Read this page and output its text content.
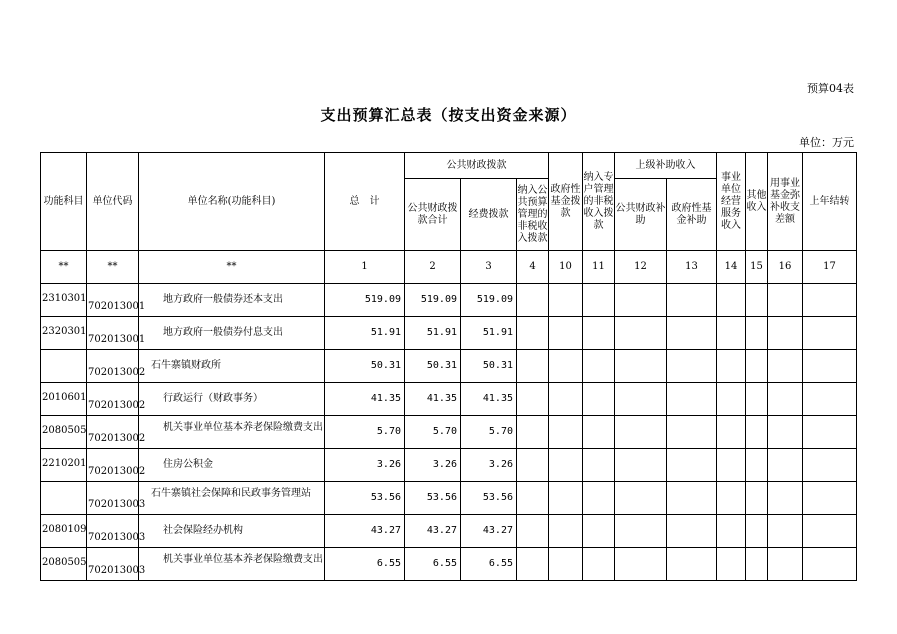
预算04表
支出预算汇总表（按支出资金来源）
单位：万元
功能科目	单位代码	单位名称(功能科目)	总　计	公共财政拨款			政府性基金拨款	纳入专户管理的非税收入拨款	上级补助收入		事业单位经营服务收入	其他收入	用事业基金弥补收支差额	上年结转
				公共财政拨款合计	经费拨款	纳入公共预算管理的非税收入拨款			公共财政补助	政府性基金补助				
**	**	**	1	2	3	4	10	11	12	13	14	15	16	17
2310301	702013001	地方政府一般债券还本支出	519.09	519.09	519.09									
2320301	702013001	地方政府一般债券付息支出	51.91	51.91	51.91									
	702013002	石牛寨镇财政所	50.31	50.31	50.31									
2010601	702013002	行政运行（财政事务）	41.35	41.35	41.35									
2080505	702013002	机关事业单位基本养老保险缴费支出	5.70	5.70	5.70									
2210201	702013002	住房公积金	3.26	3.26	3.26									
	702013003	石牛寨镇社会保障和民政事务管理站	53.56	53.56	53.56									
2080109	702013003	社会保险经办机构	43.27	43.27	43.27									
2080505	702013003	机关事业单位基本养老保险缴费支出	6.55	6.55	6.55									
